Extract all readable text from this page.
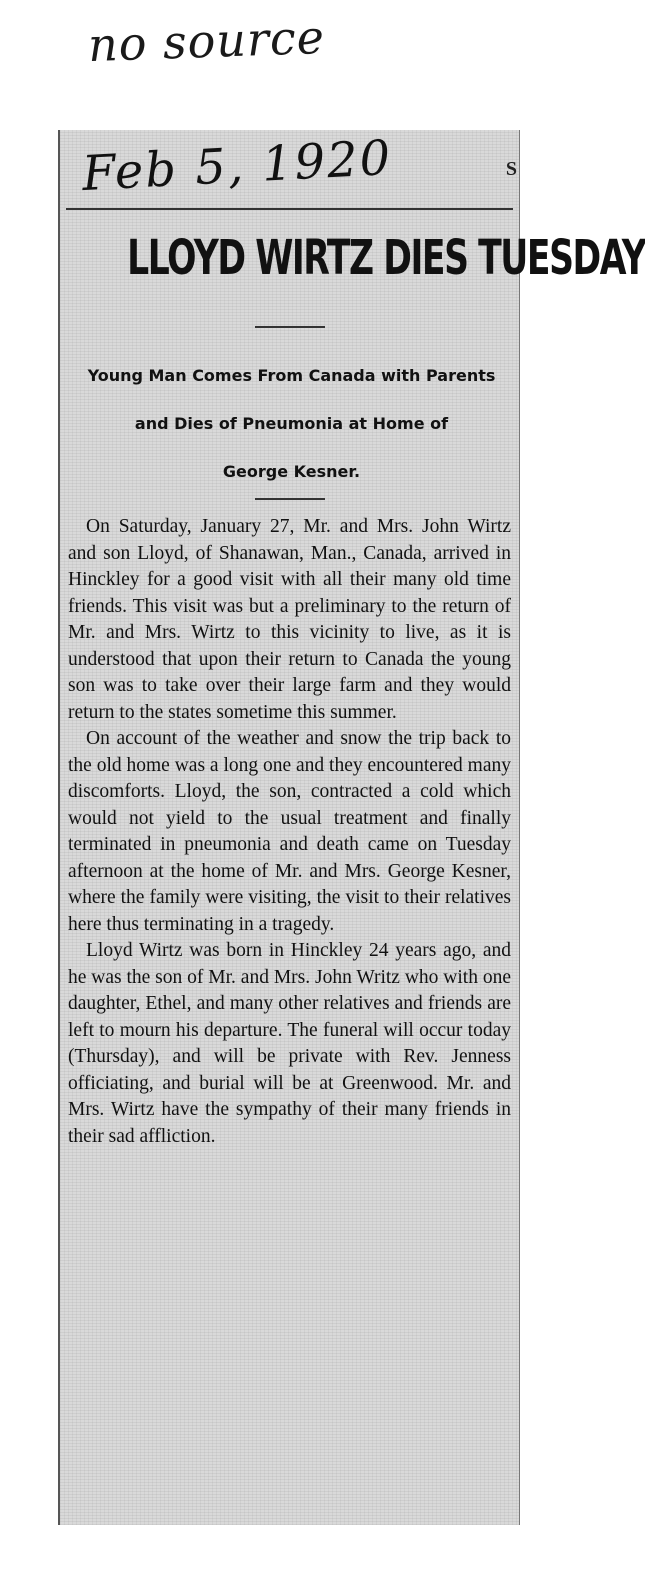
no source
Feb 5, 1920	S
LLOYD WIRTZ DIES TUESDAY
Young Man Comes From Canada with Parents
and Dies of Pneumonia at Home of
George Kesner.

On Saturday, January 27, Mr. and Mrs. John Wirtz and son Lloyd, of Shanawan, Man., Canada, arrived in Hinckley for a good visit with all their many old time friends. This visit was but a preliminary to the return of Mr. and Mrs. Wirtz to this vicinity to live, as it is understood that upon their return to Canada the young son was to take over their large farm and they would return to the states sometime this summer.

On account of the weather and snow the trip back to the old home was a long one and they encountered many discomforts. Lloyd, the son, contracted a cold which would not yield to the usual treatment and finally terminated in pneumonia and death came on Tuesday afternoon at the home of Mr. and Mrs. George Kesner, where the family were visiting, the visit to their relatives here thus terminating in a tragedy.

Lloyd Wirtz was born in Hinckley 24 years ago, and he was the son of Mr. and Mrs. John Writz who with one daughter, Ethel, and many other relatives and friends are left to mourn his departure. The funeral will occur today (Thursday), and will be private with Rev. Jenness officiating, and burial will be at Greenwood. Mr. and Mrs. Wirtz have the sympathy of their many friends in their sad affliction.
